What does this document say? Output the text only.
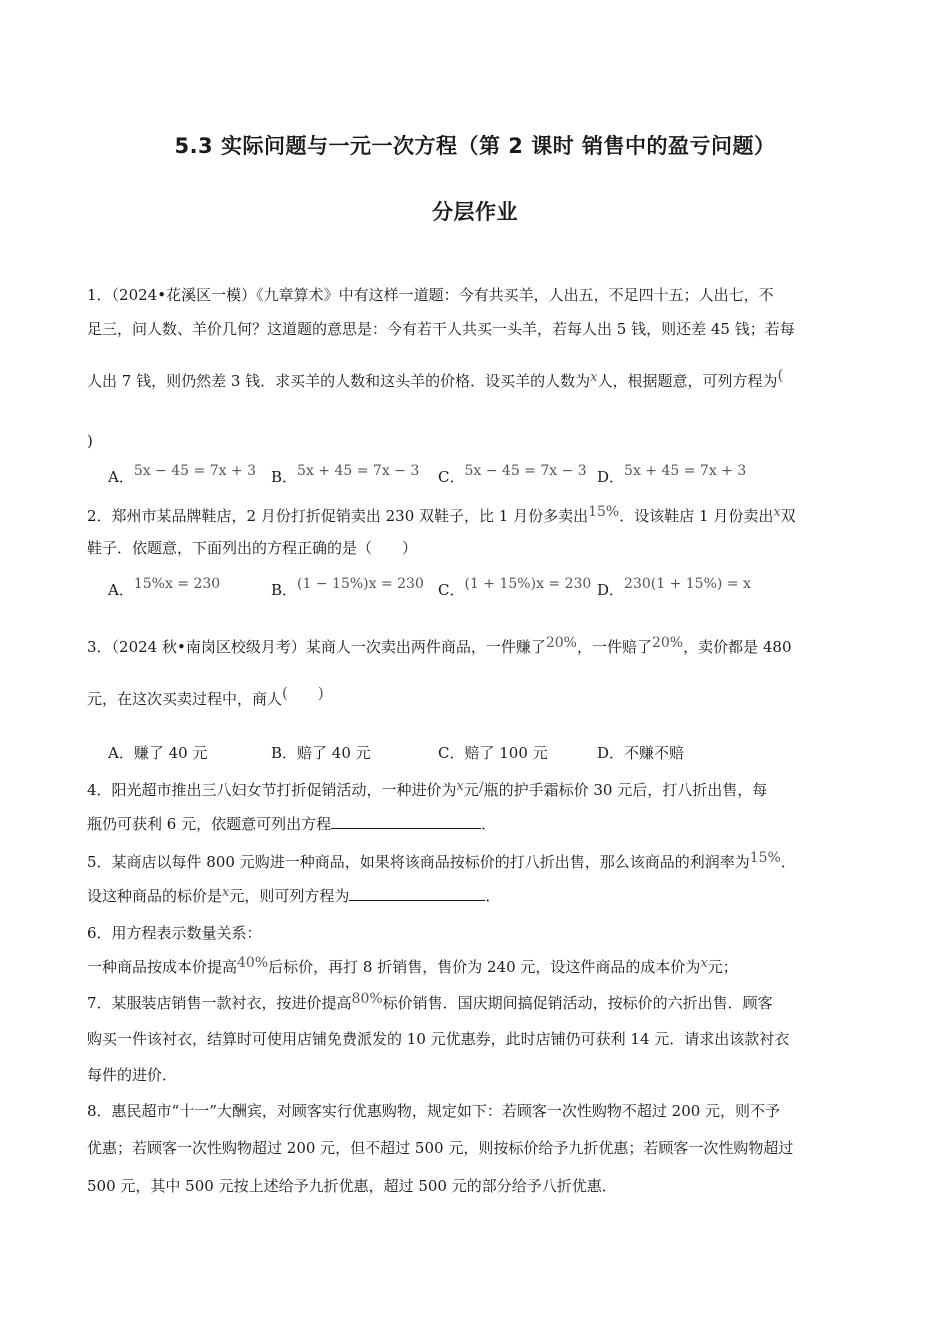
5.3 实际问题与一元一次方程（第 2 课时 销售中的盈亏问题）
分层作业
1．（2024•花溪区一模）《九章算术》中有这样一道题：今有共买羊，人出五，不足四十五；人出七，不
足三，问人数、羊价几何？这道题的意思是：今有若干人共买一头羊，若每人出 5 钱，则还差 45 钱；若每
人出 7 钱，则仍然差 3 钱．求买羊的人数和这头羊的价格．设买羊的人数为x人，根据题意，可列方程为(
)
A．5x − 45 = 7x + 3 B．5x + 45 = 7x − 3 C．5x − 45 = 7x − 3 D．5x + 45 = 7x + 3
2．郑州市某品牌鞋店，2 月份打折促销卖出 230 双鞋子，比 1 月份多卖出15%．设该鞋店 1 月份卖出x双
鞋子．依题意，下面列出的方程正确的是（　　）
A．15%x = 230	B．(1 − 15%)x = 230 C．(1 + 15%)x = 230 D．230(1 + 15%) = x
3．（2024 秋•南岗区校级月考）某商人一次卖出两件商品，一件赚了20%，一件赔了20%，卖价都是 480
元，在这次买卖过程中，商人(　　)
A．赚了 40 元	B．赔了 40 元	C．赔了 100 元	D．不赚不赔
4．阳光超市推出三八妇女节打折促销活动，一种进价为x元/瓶的护手霜标价 30 元后，打八折出售，每
瓶仍可获利 6 元，依题意可列出方程	．
5．某商店以每件 800 元购进一种商品，如果将该商品按标价的打八折出售，那么该商品的利润率为15%．
设这种商品的标价是x元，则可列方程为	．
6．用方程表示数量关系：
一种商品按成本价提高40%后标价，再打 8 折销售，售价为 240 元，设这件商品的成本价为x元；
7．某服装店销售一款衬衣，按进价提高80%标价销售．国庆期间搞促销活动，按标价的六折出售．顾客
购买一件该衬衣，结算时可使用店铺免费派发的 10 元优惠券，此时店铺仍可获利 14 元．请求出该款衬衣
每件的进价．
8．惠民超市“十一”大酬宾，对顾客实行优惠购物，规定如下：若顾客一次性购物不超过 200 元，则不予
优惠；若顾客一次性购物超过 200 元，但不超过 500 元，则按标价给予九折优惠；若顾客一次性购物超过
500 元，其中 500 元按上述给予九折优惠，超过 500 元的部分给予八折优惠．
